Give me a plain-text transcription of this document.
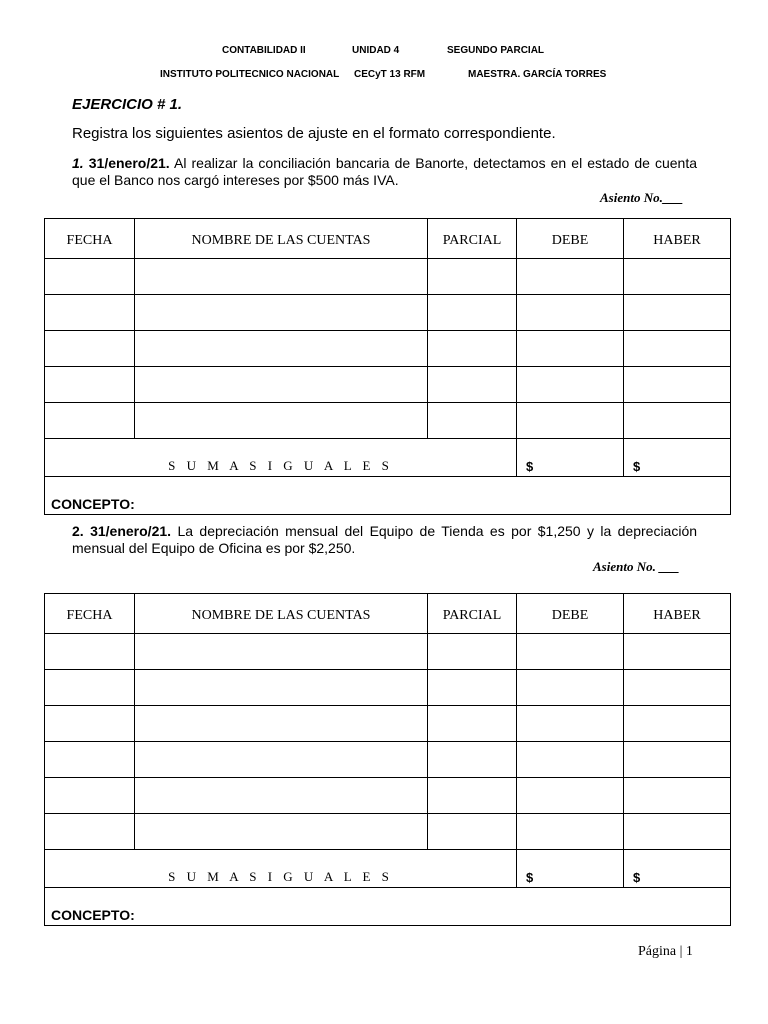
CONTABILIDAD II	UNIDAD 4	SEGUNDO PARCIAL
INSTITUTO POLITECNICO NACIONAL CECyT 13 RFM	MAESTRA. GARCÍA TORRES
EJERCICIO # 1.
Registra los siguientes asientos de ajuste en el formato correspondiente.
1. 31/enero/21. Al realizar la conciliación bancaria de Banorte, detectamos en el estado de cuenta que el Banco nos cargó intereses por $500 más IVA.
Asiento No.___
FECHA	NOMBRE DE LAS CUENTAS	PARCIAL	DEBE	HABER

S U M A S I G U A L E S			$	$
CONCEPTO:				
2. 31/enero/21. La depreciación mensual del Equipo de Tienda es por $1,250 y la depreciación mensual del Equipo de Oficina es por $2,250.
Asiento No. ___
FECHA	NOMBRE DE LAS CUENTAS	PARCIAL	DEBE	HABER

S U M A S I G U A L E S			$	$
CONCEPTO:				
Página | 1
